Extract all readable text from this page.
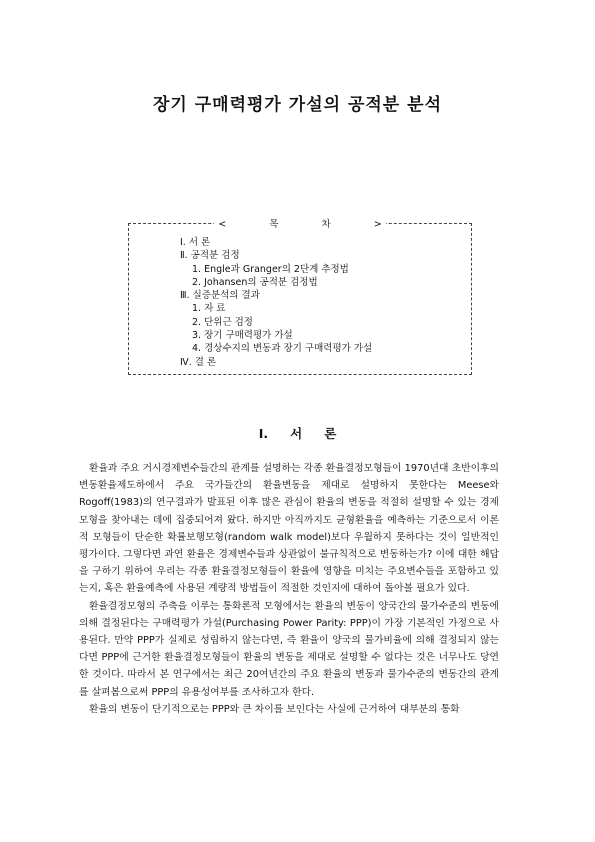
장기 구매력평가 가설의 공적분 분석
< 목 차 >
Ⅰ. 서 론
Ⅱ. 공적분 검정
1. Engle과 Granger의 2단계 추정법
2. Johansen의 공적분 검정법
Ⅲ. 실증분석의 결과
1. 자 료
2. 단위근 검정
3. 장기 구매력평가 가설
4. 경상수지의 변동과 장기 구매력평가 가설
Ⅳ. 결 론
Ⅰ. 서 론

환율과 주요 거시경제변수들간의 관계를 설명하는 각종 환율결정모형들이 1970년대 초반이후의 변동환율제도하에서 주요 국가들간의 환율변동을 제대로 설명하지 못한다는 Meese와 Rogoff(1983)의 연구결과가 발표된 이후 많은 관심이 환율의 변동을 적절히 설명할 수 있는 경제모형을 찾아내는 데에 집중되어져 왔다. 하지만 아직까지도 균형환율을 예측하는 기준으로서 이론적 모형들이 단순한 확률보행모형(random walk model)보다 우월하지 못하다는 것이 일반적인 평가이다. 그렇다면 과연 환율은 경제변수들과 상관없이 불규칙적으로 변동하는가? 이에 대한 해답을 구하기 위하여 우리는 각종 환율결정모형들이 환율에 영향을 미치는 주요변수들을 포함하고 있는지, 혹은 환율예측에 사용된 계량적 방법들이 적절한 것인지에 대하여 돌아볼 필요가 있다.

환율결정모형의 주축을 이루는 통화론적 모형에서는 환율의 변동이 양국간의 물가수준의 변동에 의해 결정된다는 구매력평가 가설(Purchasing Power Parity: PPP)이 가장 기본적인 가정으로 사용된다. 만약 PPP가 실제로 성립하지 않는다면, 즉 환율이 양국의 물가비율에 의해 결정되지 않는다면 PPP에 근거한 환율결정모형들이 환율의 변동을 제대로 설명할 수 없다는 것은 너무나도 당연한 것이다. 따라서 본 연구에서는 최근 20여년간의 주요 환율의 변동과 물가수준의 변동간의 관계를 살펴봄으로써 PPP의 유용성여부를 조사하고자 한다.

환율의 변동이 단기적으로는 PPP와 큰 차이를 보인다는 사실에 근거하여 대부분의 통화
